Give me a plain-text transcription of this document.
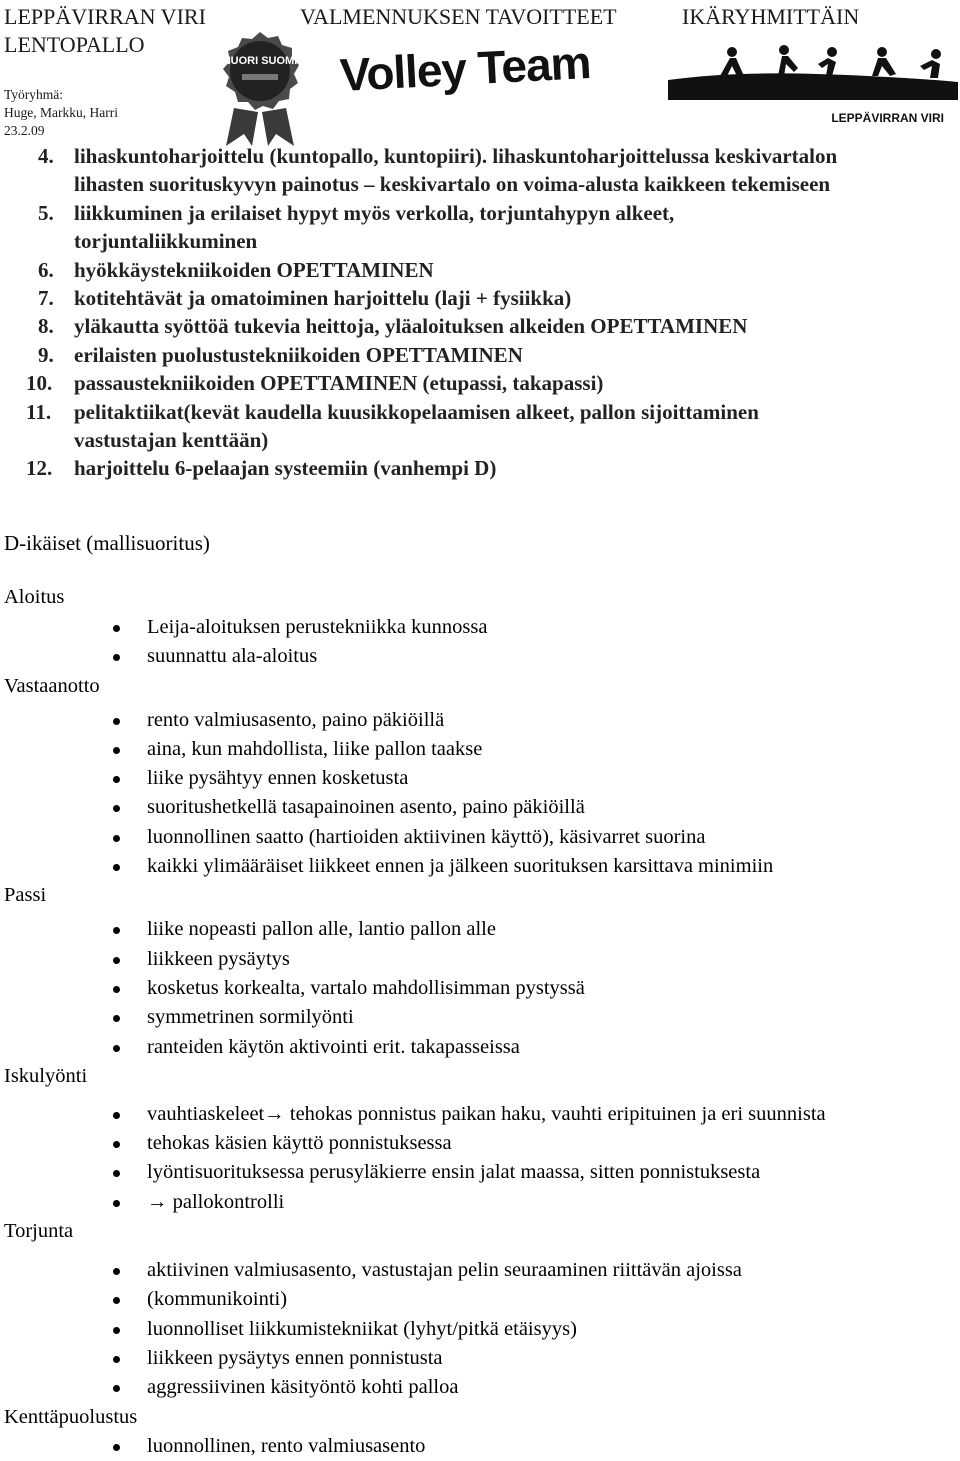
LEPPÄVIRRAN VIRI
LENTOPALLO
VALMENNUKSEN TAVOITTEET	IKÄRYHMITTÄIN
Työryhmä:
Huge, Markku, Harri
23.2.09
NUORI SUOMI Volley Team
LEPPÄVIRRAN VIRI
4. lihaskuntoharjoittelu (kuntopallo, kuntopiiri). lihaskuntoharjoittelussa keskivartalon
lihasten suorituskyvyn painotus – keskivartalo on voima-alusta kaikkeen tekemiseen
5. liikkuminen ja erilaiset hypyt myös verkolla, torjuntahypyn alkeet,
torjuntaliikkuminen
6. hyökkäystekniikoiden OPETTAMINEN
7. kotitehtävät ja omatoiminen harjoittelu (laji + fysiikka)
8. yläkautta syöttöä tukevia heittoja, yläaloituksen alkeiden OPETTAMINEN
9. erilaisten puolustustekniikoiden OPETTAMINEN
10.	passaustekniikoiden OPETTAMINEN (etupassi, takapassi)
11.	pelitaktiikat(kevät kaudella kuusikkopelaamisen alkeet, pallon sijoittaminen
vastustajan kenttään)
12.	harjoittelu 6-pelaajan systeemiin (vanhempi D)
D-ikäiset (mallisuoritus)
Aloitus
Leija-aloituksen perustekniikka kunnossa
suunnattu ala-aloitus
Vastaanotto
rento valmiusasento, paino päkiöillä
aina, kun mahdollista, liike pallon taakse
liike pysähtyy ennen kosketusta
suoritushetkellä tasapainoinen asento, paino päkiöillä
luonnollinen saatto (hartioiden aktiivinen käyttö), käsivarret suorina
kaikki ylimääräiset liikkeet ennen ja jälkeen suorituksen karsittava minimiin
Passi
liike nopeasti pallon alle, lantio pallon alle
liikkeen pysäytys
kosketus korkealta, vartalo mahdollisimman pystyssä
symmetrinen sormilyönti
ranteiden käytön aktivointi erit. takapasseissa
Iskulyönti
vauhtiaskeleet→ tehokas ponnistus paikan haku, vauhti eripituinen ja eri suunnista
tehokas käsien käyttö ponnistuksessa
lyöntisuorituksessa perusyläkierre ensin jalat maassa, sitten ponnistuksesta
→ pallokontrolli
Torjunta
aktiivinen valmiusasento, vastustajan pelin seuraaminen riittävän ajoissa
(kommunikointi)
luonnolliset liikkumistekniikat (lyhyt/pitkä etäisyys)
liikkeen pysäytys ennen ponnistusta
aggressiivinen käsityöntö kohti palloa
Kenttäpuolustus
luonnollinen, rento valmiusasento
